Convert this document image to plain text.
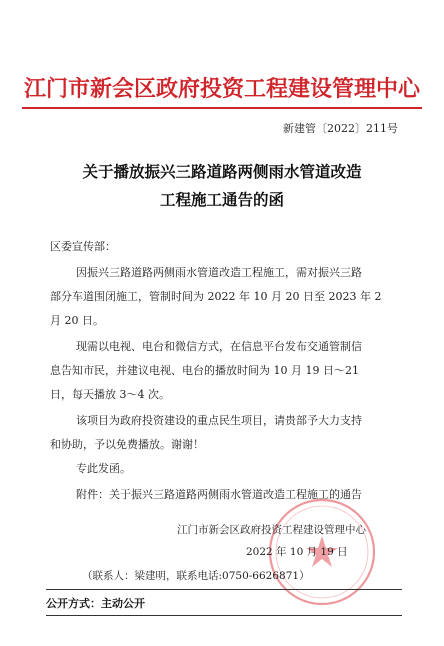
江门市新会区政府投资工程建设管理中心
新建管〔2022〕211号
关于播放振兴三路道路两侧雨水管道改造
工程施工通告的函
区委宣传部：
因振兴三路道路两侧雨水管道改造工程施工，需对振兴三路
部分车道围闭施工，管制时间为 2022 年 10 月 20 日至 2023 年 2
月 20 日。
现需以电视、电台和微信方式，在信息平台发布交通管制信
息告知市民，并建议电视、电台的播放时间为 10 月 19 日～21
日，每天播放 3～4 次。
该项目为政府投资建设的重点民生项目，请贵部予大力支持
和协助，予以免费播放。谢谢！
专此发函。
附件：关于振兴三路道路两侧雨水管道改造工程施工的通告
江门市新会区政府投资工程建设管理中心
2022 年 10 月 19 日
（联系人：梁建明，联系电话:0750-6626871）
公开方式：主动公开
